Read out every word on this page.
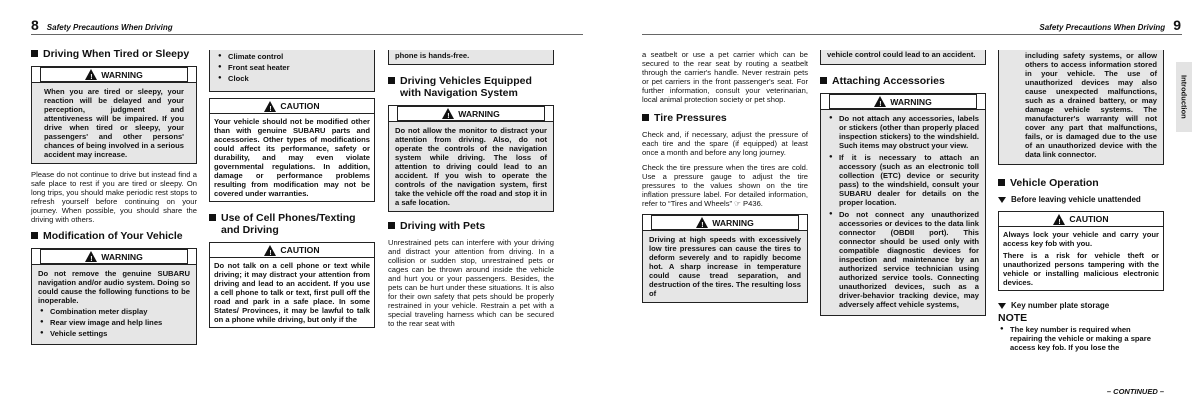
8 Safety Precautions When Driving
Driving When Tired or Sleepy
!
WARNING
When you are tired or sleepy, your reaction will be delayed and your perception, judgment and attentiveness will be impaired. If you drive when tired or sleepy, your passengers' and other persons' chances of being involved in a serious accident may increase.
Please do not continue to drive but instead find a safe place to rest if you are tired or sleepy. On long trips, you should make periodic rest stops to refresh yourself before continuing on your journey. When possible, you should share the driving with others.
Modification of Your Vehicle
!
WARNING
Do not remove the genuine SUBARU navigation and/or audio system. Doing so could cause the following functions to be inoperable.
● Combination meter display
● Rear view image and help lines
● Vehicle settings
● Climate control
● Front seat heater
● Clock
!
CAUTION
Your vehicle should not be modified other than with genuine SUBARU parts and accessories. Other types of modifications could affect its performance, safety or durability, and may even violate governmental regulations. In addition, damage or performance problems resulting from modification may not be covered under warranties.
Use of Cell Phones/Texting and Driving
!
CAUTION
Do not talk on a cell phone or text while driving; it may distract your attention from driving and lead to an accident. If you use a cell phone to talk or text, first pull off the road and park in a safe place. In some States/ Provinces, it may be lawful to talk on a phone while driving, but only if the
phone is hands-free.
Driving Vehicles Equipped with Navigation System
!
WARNING
Do not allow the monitor to distract your attention from driving. Also, do not operate the controls of the navigation system while driving. The loss of attention to driving could lead to an accident. If you wish to operate the controls of the navigation system, first take the vehicle off the road and stop it in a safe location.
Driving with Pets
Unrestrained pets can interfere with your driving and distract your attention from driving. In a collision or sudden stop, unrestrained pets or cages can be thrown around inside the vehicle and hurt you or your passengers. Besides, the pets can be hurt under these situations. It is also for their own safety that pets should be properly restrained in your vehicle. Restrain a pet with a special traveling harness which can be secured to the rear seat with
Safety Precautions When Driving 9
Introduction
a seatbelt or use a pet carrier which can be secured to the rear seat by routing a seatbelt through the carrier's handle. Never restrain pets or pet carriers in the front passenger's seat. For further information, consult your veterinarian, local animal protection society or pet shop.
Tire Pressures
Check and, if necessary, adjust the pressure of each tire and the spare (if equipped) at least once a month and before any long journey.
Check the tire pressure when the tires are cold. Use a pressure gauge to adjust the tire pressures to the values shown on the tire inflation pressure label. For detailed information, refer to “Tires and Wheels” ☞ P436.
!
WARNING
Driving at high speeds with excessively low tire pressures can cause the tires to deform severely and to rapidly become hot. A sharp increase in temperature could cause tread separation, and destruction of the tires. The resulting loss of
vehicle control could lead to an accident.
Attaching Accessories
!
WARNING
● Do not attach any accessories, labels or stickers (other than properly placed inspection stickers) to the windshield. Such items may obstruct your view.
● If it is necessary to attach an accessory (such as an electronic toll collection (ETC) device or security pass) to the windshield, consult your SUBARU dealer for details on the proper location.
● Do not connect any unauthorized accessories or devices to the data link connector (OBDII port). This connector should be used only with compatible diagnostic devices for inspection and maintenance by an authorized service technician using authorized service tools. Connecting unauthorized devices, such as a driver-behavior tracking device, may adversely affect vehicle systems,
including safety systems, or allow others to access information stored in your vehicle. The use of unauthorized devices may also cause unexpected malfunctions, such as a drained battery, or may damage vehicle systems. The manufacturer's warranty will not cover any part that malfunctions, fails, or is damaged due to the use of an unauthorized device with the data link connector.
Vehicle Operation
Before leaving vehicle unattended
!
CAUTION
Always lock your vehicle and carry your access key fob with you.
There is a risk for vehicle theft or unauthorized persons tampering with the vehicle or installing malicious electronic devices.
Key number plate storage
NOTE
● The key number is required when repairing the vehicle or making a spare access key fob. If you lose the
– CONTINUED –
